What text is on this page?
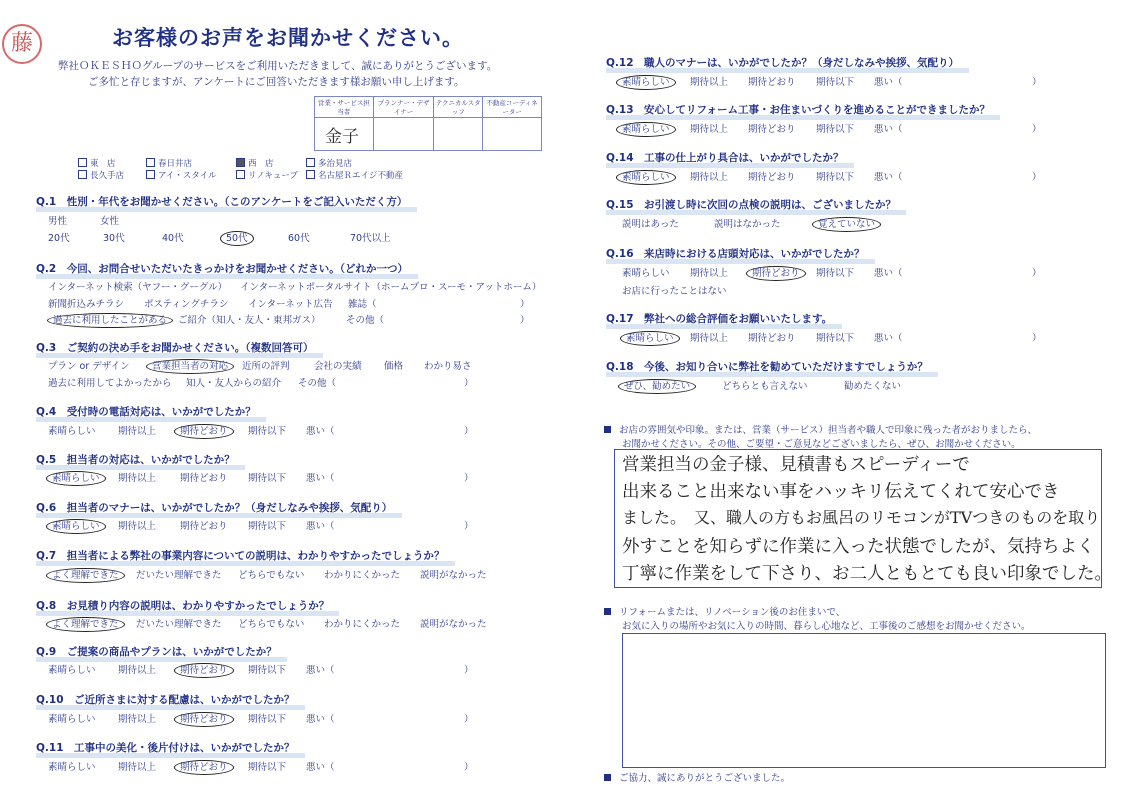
藤	お客様のお声をお聞かせください。
弊社ＯＫＥＳＨＯグループのサービスをご利用いただきまして、誠にありがとうございます。
ご多忙と存じますが、アンケートにご回答いただきます様お願い申し上げます。
営業・サービス担当者	プランナー・デザイナー	テクニカルスタッフ	不動産コーディネーター
金子			
東　店	春日井店	西　店	多治見店
長久手店	アイ・スタイル	リノキューブ	名古屋Ｒエイジ不動産
Q.1　性別・年代をお聞かせください。（このアンケートをご記入いただく方）
男性	女性
20代	30代	40代	50代	60代	70代以上
Q.2　今回、お問合せいただいたきっかけをお聞かせください。（どれか一つ）
インターネット検索（ヤフー・グーグル） インターネットポータルサイト（ホームプロ・スーモ・アットホーム）
新聞折込みチラシ ポスティングチラシ インターネット広告 雑誌（	）
過去に利用したことがある	ご紹介（知人・友人・東邦ガス）	その他（	）
Q.3　ご契約の決め手をお聞かせください。（複数回答可）
プラン or デザイン 営業担当者の対応	近所の評判	会社の実績 価格 わかり易さ
過去に利用してよかったから 知人・友人からの紹介 その他（	）
Q.4　受付時の電話対応は、いかがでしたか？
素晴らしい 期待以上	期待どおり	期待以下 悪い（	）
Q.5　担当者の対応は、いかがでしたか？
素晴らしい	期待以上	期待どおり 期待以下 悪い（	）
Q.6　担当者のマナーは、いかがでしたか？（身だしなみや挨拶、気配り）
素晴らしい	期待以上	期待どおり 期待以下 悪い（	）
Q.7　担当者による弊社の事業内容についての説明は、わかりやすかったでしょうか？
よく理解できた	だいたい理解できた どちらでもない わかりにくかった 説明がなかった
Q.8　お見積り内容の説明は、わかりやすかったでしょうか？
よく理解できた	だいたい理解できた どちらでもない わかりにくかった 説明がなかった
Q.9　ご提案の商品やプランは、いかがでしたか？
素晴らしい 期待以上	期待どおり	期待以下 悪い（	）
Q.10　ご近所さまに対する配慮は、いかがでしたか？
素晴らしい 期待以上	期待どおり	期待以下 悪い（	）
Q.11　工事中の美化・後片付けは、いかがでしたか？
素晴らしい 期待以上	期待どおり	期待以下 悪い（	）
Q.12　職人のマナーは、いかがでしたか？（身だしなみや挨拶、気配り）
素晴らしい	期待以上 期待どおり 期待以下 悪い（	）
Q.13　安心してリフォーム工事・お住まいづくりを進めることができましたか？
素晴らしい	期待以上 期待どおり 期待以下 悪い（	）
Q.14　工事の仕上がり具合は、いかがでしたか？
素晴らしい	期待以上 期待どおり 期待以下 悪い（	）
Q.15　お引渡し時に次回の点検の説明は、ございましたか？
説明はあった	説明はなかった	覚えていない
Q.16　来店時における店頭対応は、いかがでしたか？
素晴らしい 期待以上	期待どおり	期待以下 悪い（	）
お店に行ったことはない
Q.17　弊社への総合評価をお願いいたします。
素晴らしい	期待以上 期待どおり 期待以下 悪い（	）
Q.18　今後、お知り合いに弊社を勧めていただけますでしょうか？
ぜひ、勧めたい	どちらとも言えない	勧めたくない
お店の雰囲気や印象。または、営業（サービス）担当者や職人で印象に残った者がおりましたら、
お聞かせください。その他、ご要望・ご意見などございましたら、ぜひ、お聞かせください。
営業担当の金子様、見積書もスピーディーで
出来ること出来ない事をハッキリ伝えてくれて安心でき
ました。　又、職人の方もお風呂のリモコンがTVつきのものを取り
外すことを知らずに作業に入った状態でしたが、気持ちよく
丁寧に作業をして下さり、お二人ともとても良い印象でした。
リフォームまたは、リノベーション後のお住まいで、
お気に入りの場所やお気に入りの時間、暮らし心地など、工事後のご感想をお聞かせください。
ご協力、誠にありがとうございました。
